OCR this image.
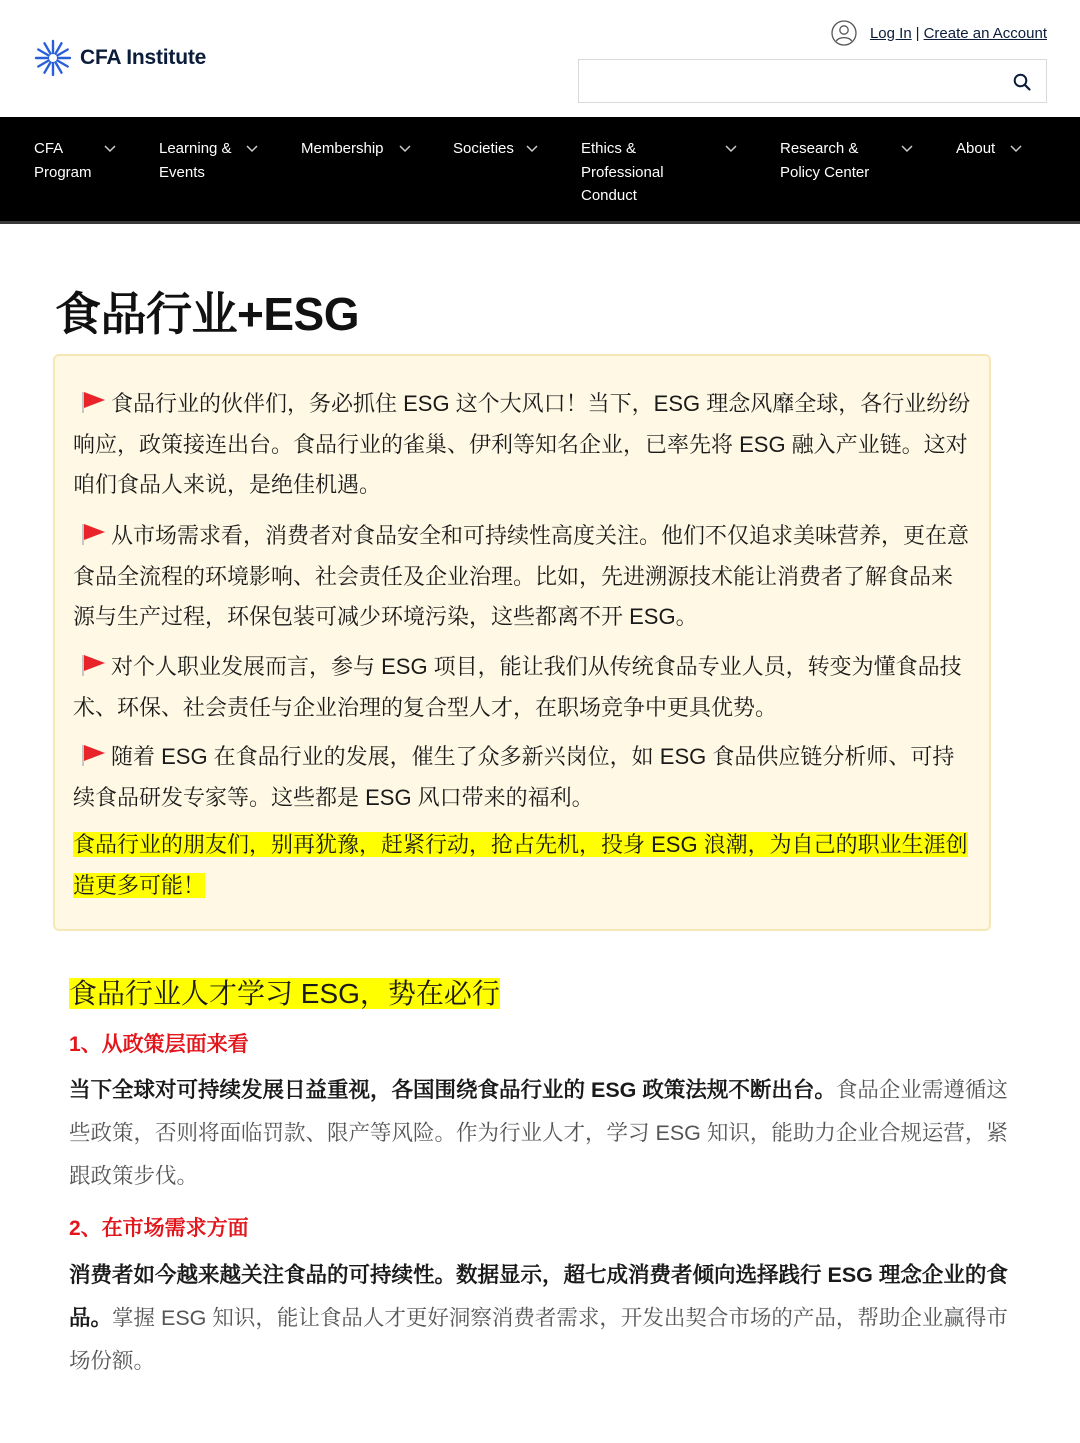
CFA Institute
Log In | Create an Account
CFA
Program
Learning &
Events
Membership	Societies	Ethics &
Professional
Conduct
Research &
Policy Center
About
食品行业+ESG
食品行业的伙伴们，务必抓住 ESG 这个大风口！当下，ESG 理念风靡全球，各行业纷纷响应，政策接连出台。食品行业的雀巢、伊利等知名企业，已率先将 ESG 融入产业链。这对咱们食品人来说，是绝佳机遇。
从市场需求看，消费者对食品安全和可持续性高度关注。他们不仅追求美味营养，更在意食品全流程的环境影响、社会责任及企业治理。比如，先进溯源技术能让消费者了解食品来源与生产过程，环保包装可减少环境污染，这些都离不开 ESG。
对个人职业发展而言，参与 ESG 项目，能让我们从传统食品专业人员，转变为懂食品技术、环保、社会责任与企业治理的复合型人才，在职场竞争中更具优势。
随着 ESG 在食品行业的发展，催生了众多新兴岗位，如 ESG 食品供应链分析师、可持续食品研发专家等。这些都是 ESG 风口带来的福利。
食品行业的朋友们，别再犹豫，赶紧行动，抢占先机，投身 ESG 浪潮，为自己的职业生涯创造更多可能！
食品行业人才学习 ESG，势在必行
1、从政策层面来看
当下全球对可持续发展日益重视，各国围绕食品行业的 ESG 政策法规不断出台。食品企业需遵循这些政策，否则将面临罚款、限产等风险。作为行业人才，学习 ESG 知识，能助力企业合规运营，紧跟政策步伐。
2、在市场需求方面
消费者如今越来越关注食品的可持续性。数据显示，超七成消费者倾向选择践行 ESG 理念企业的食品。掌握 ESG 知识，能让食品人才更好洞察消费者需求，开发出契合市场的产品，帮助企业赢得市场份额。
